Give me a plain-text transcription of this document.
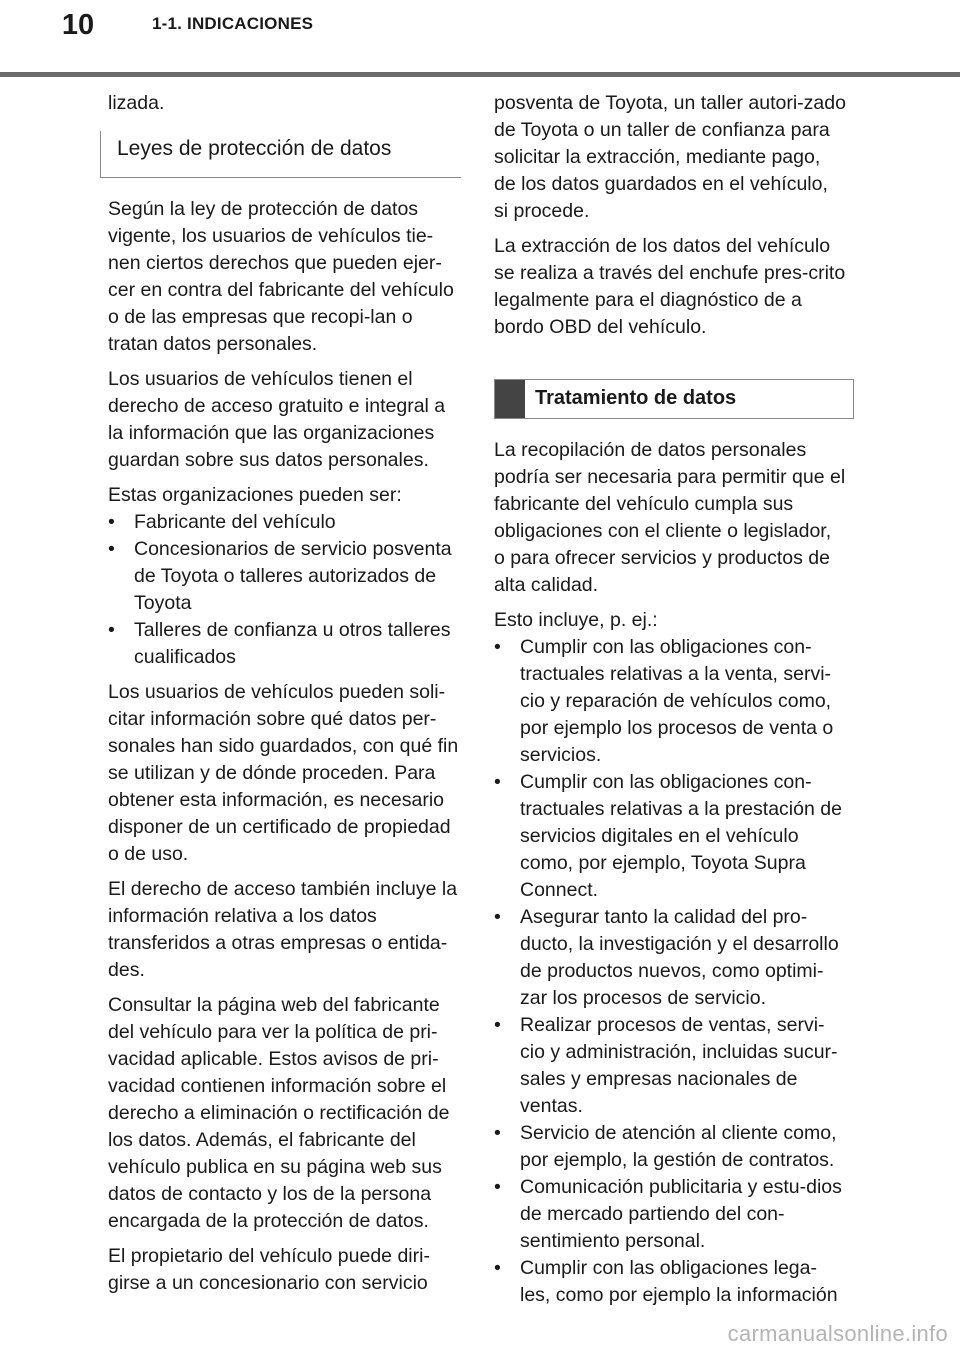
10	1-1. INDICACIONES

lizada.

Leyes de protección de datos

Según la ley de protección de datos vigente, los usuarios de vehículos tie-nen ciertos derechos que pueden ejer-cer en contra del fabricante del vehículo o de las empresas que recopi-lan o tratan datos personales.

Los usuarios de vehículos tienen el derecho de acceso gratuito e integral a la información que las organizaciones guardan sobre sus datos personales.

Estas organizaciones pueden ser:

• Fabricante del vehículo
• Concesionarios de servicio posventa de Toyota o talleres autorizados de Toyota
• Talleres de confianza u otros talleres cualificados

Los usuarios de vehículos pueden soli-citar información sobre qué datos per-sonales han sido guardados, con qué fin se utilizan y de dónde proceden. Para obtener esta información, es necesario disponer de un certificado de propiedad o de uso.

El derecho de acceso también incluye la información relativa a los datos transferidos a otras empresas o entida-des.

Consultar la página web del fabricante del vehículo para ver la política de pri-vacidad aplicable. Estos avisos de pri-vacidad contienen información sobre el derecho a eliminación o rectificación de los datos. Además, el fabricante del vehículo publica en su página web sus datos de contacto y los de la persona encargada de la protección de datos.

El propietario del vehículo puede diri-girse a un concesionario con servicio

posventa de Toyota, un taller autori-zado de Toyota o un taller de confianza para solicitar la extracción, mediante pago, de los datos guardados en el vehículo, si procede.

La extracción de los datos del vehículo se realiza a través del enchufe pres-crito legalmente para el diagnóstico de a bordo OBD del vehículo.

Tratamiento de datos

La recopilación de datos personales podría ser necesaria para permitir que el fabricante del vehículo cumpla sus obligaciones con el cliente o legislador, o para ofrecer servicios y productos de alta calidad.

Esto incluye, p. ej.:

• Cumplir con las obligaciones con-tractuales relativas a la venta, servi-cio y reparación de vehículos como, por ejemplo los procesos de venta o servicios.
• Cumplir con las obligaciones con-tractuales relativas a la prestación de servicios digitales en el vehículo como, por ejemplo, Toyota Supra Connect.
• Asegurar tanto la calidad del pro-ducto, la investigación y el desarrollo de productos nuevos, como optimi-zar los procesos de servicio.
• Realizar procesos de ventas, servi-cio y administración, incluidas sucur-sales y empresas nacionales de ventas.
• Servicio de atención al cliente como, por ejemplo, la gestión de contratos.
• Comunicación publicitaria y estu-dios de mercado partiendo del con-sentimiento personal.
• Cumplir con las obligaciones lega-les, como por ejemplo la información
carmanualsonline.info
